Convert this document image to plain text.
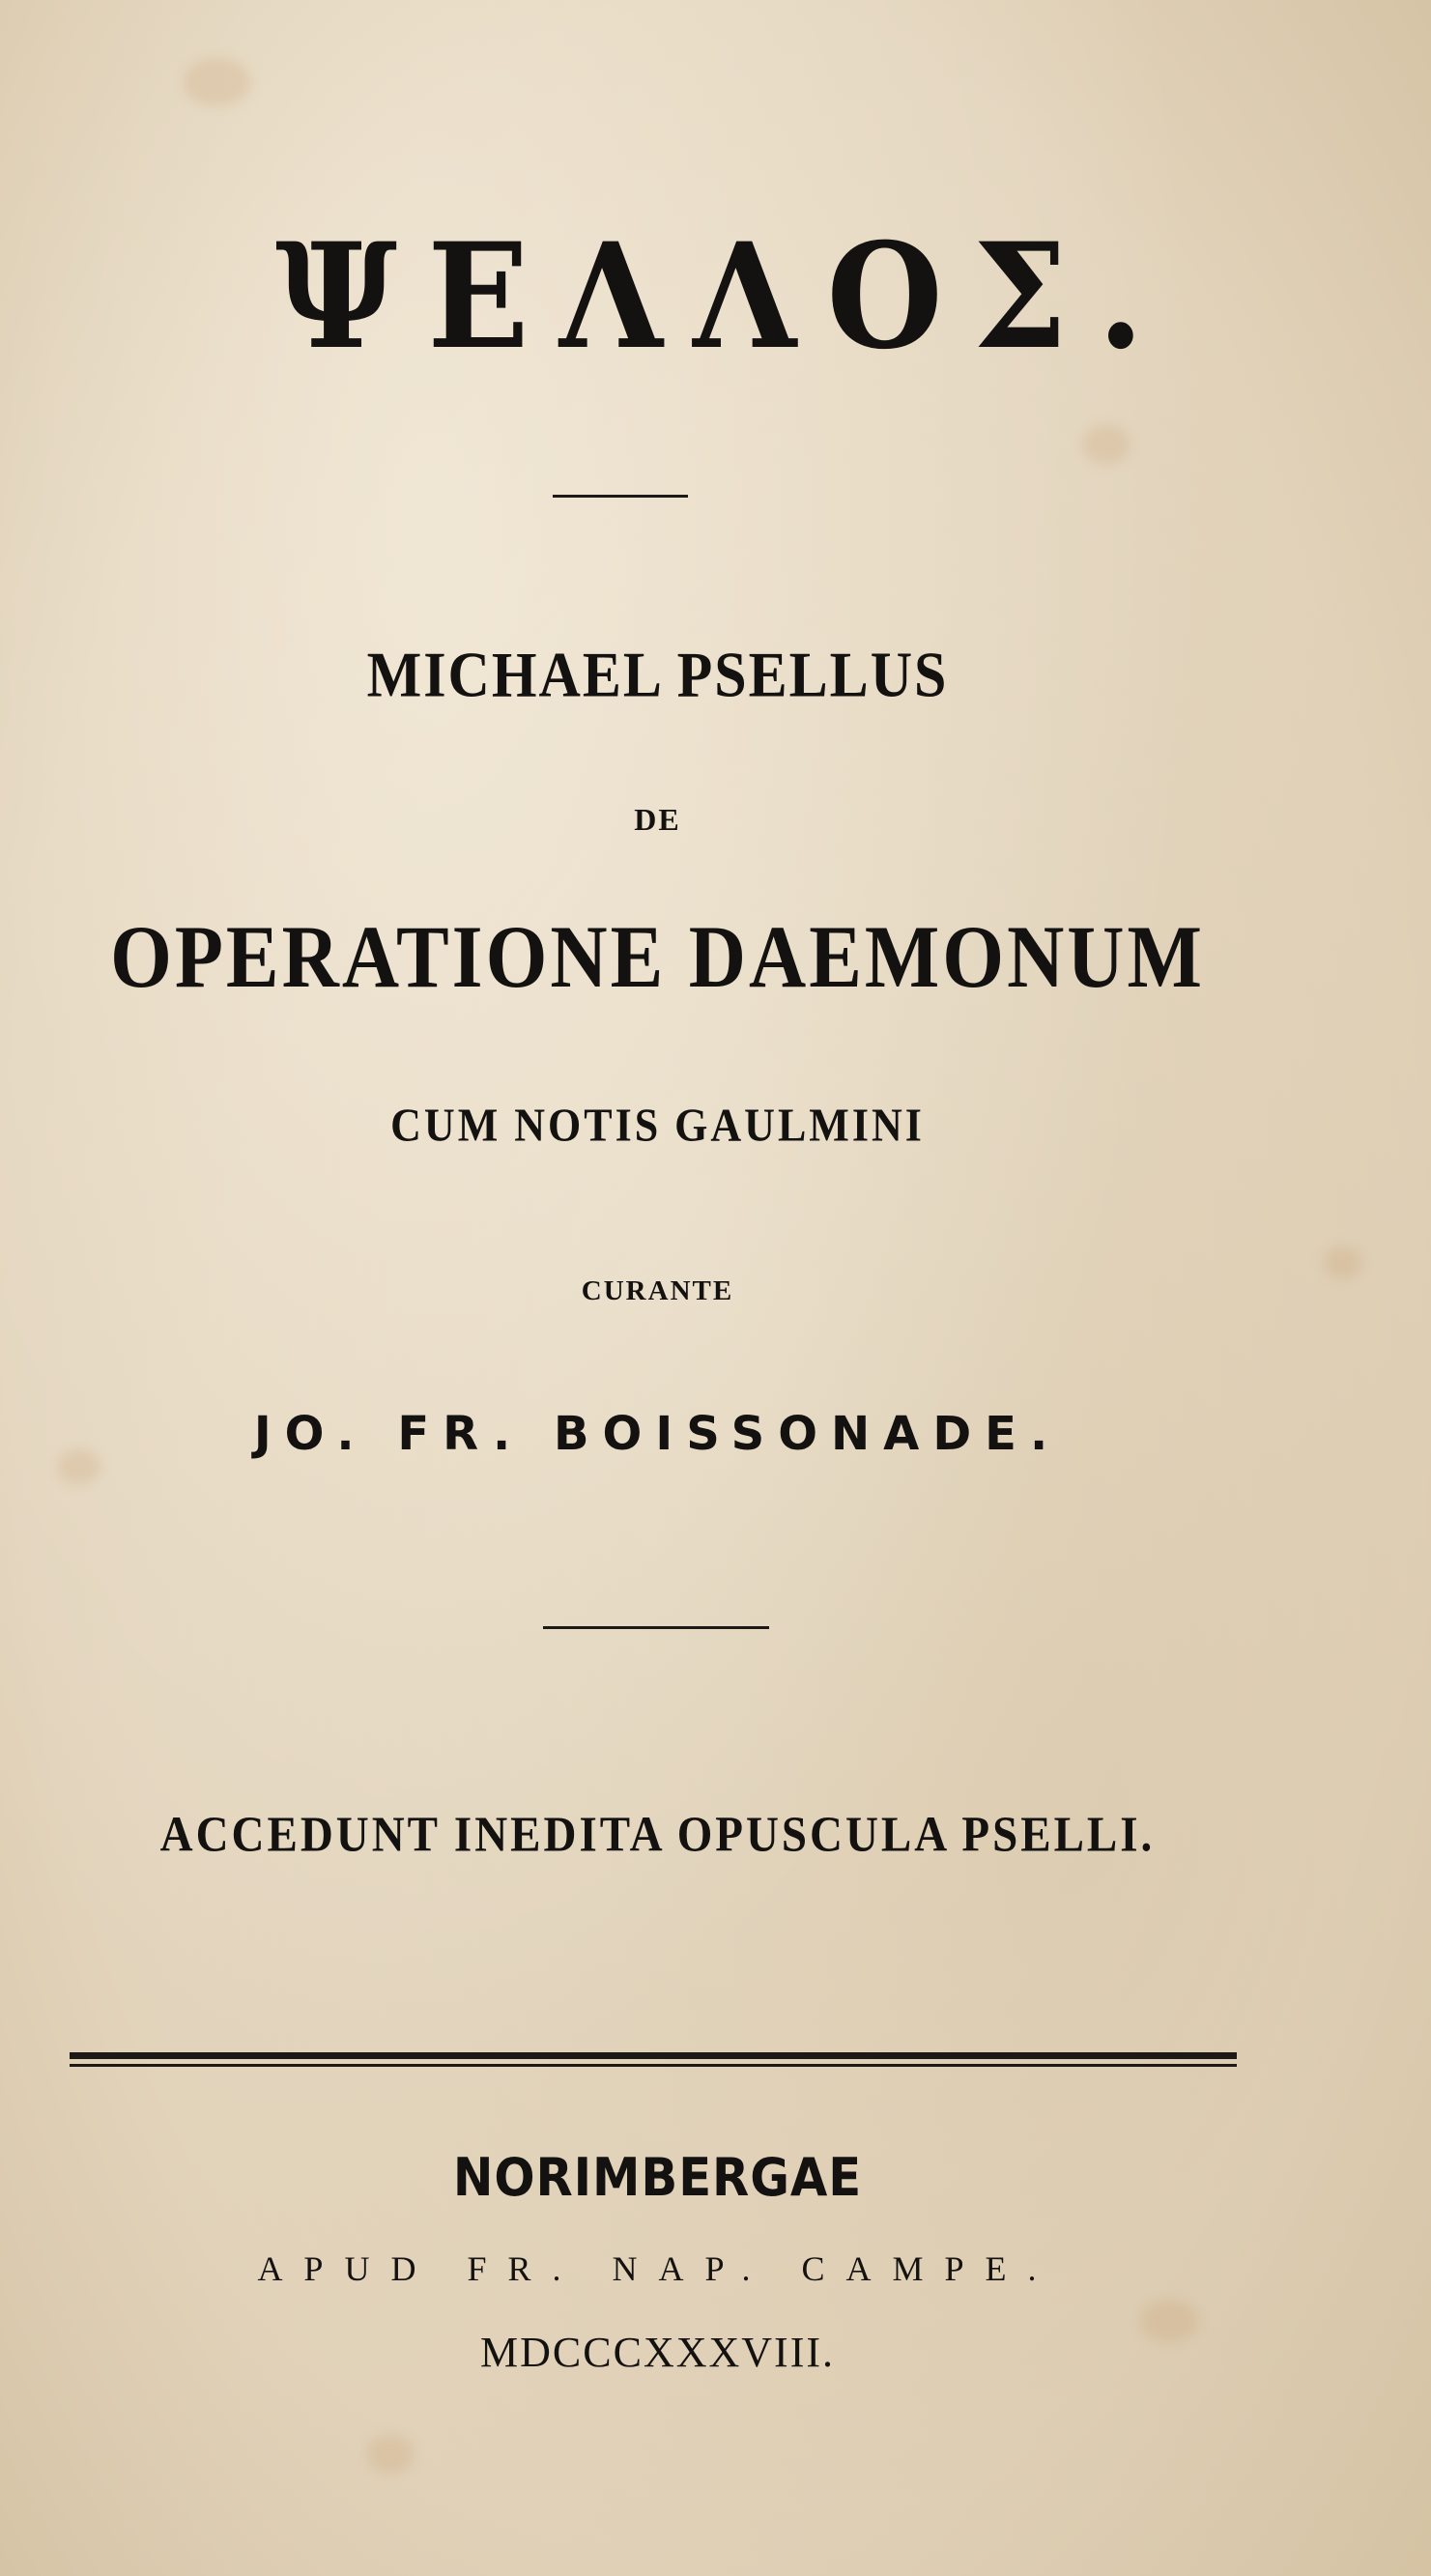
ΨΕΛΛΟΣ.
MICHAEL PSELLUS
DE
OPERATIONE DAEMONUM
CUM NOTIS GAULMINI
CURANTE
JO. FR. BOISSONADE.
ACCEDUNT INEDITA OPUSCULA PSELLI.
NORIMBERGAE
APUD FR. NAP. CAMPE.
MDCCCXXXVIII.
